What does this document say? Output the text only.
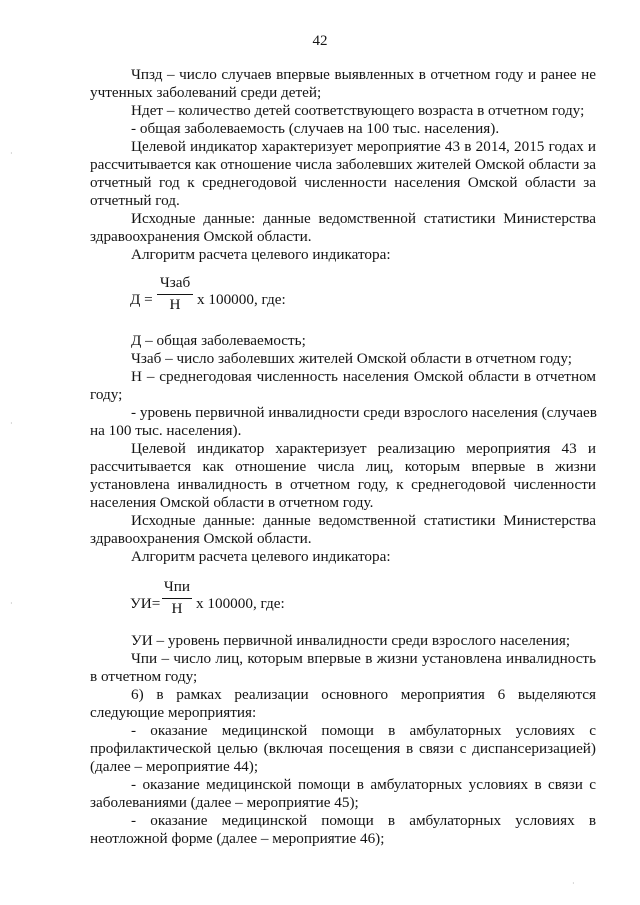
42
Чпзд – число случаев впервые выявленных в отчетном году и ранее не
учтенных заболеваний среди детей;
Ндет – количество детей соответствующего возраста в отчетном году;
- общая заболеваемость (случаев на 100 тыс. населения).
Целевой индикатор характеризует мероприятие 43 в 2014, 2015 годах и
рассчитывается как отношение числа заболевших жителей Омской области за
отчетный год к среднегодовой численности населения Омской области за
отчетный год.
Исходные данные: данные ведомственной статистики Министерства
здравоохранения Омской области.
Алгоритм расчета целевого индикатора:
Д =
Чзаб
Н	x 100000, где:
Д – общая заболеваемость;
Чзаб – число заболевших жителей Омской области в отчетном году;
Н – среднегодовая численность населения Омской области в отчетном
году;
- уровень первичной инвалидности среди взрослого населения (случаев
на 100 тыс. населения).
Целевой индикатор характеризует реализацию мероприятия 43 и
рассчитывается как отношение числа лиц, которым впервые в жизни
установлена инвалидность в отчетном году, к среднегодовой численности
населения Омской области в отчетном году.
Исходные данные: данные ведомственной статистики Министерства
здравоохранения Омской области.
Алгоритм расчета целевого индикатора:
УИ=
Чпи
Н x 100000, где:
УИ – уровень первичной инвалидности среди взрослого населения;
Чпи – число лиц, которым впервые в жизни установлена инвалидность
в отчетном году;
6) в рамках реализации основного мероприятия 6 выделяются
следующие мероприятия:
- оказание медицинской помощи в амбулаторных условиях с
профилактической целью (включая посещения в связи с диспансеризацией)
(далее – мероприятие 44);
- оказание медицинской помощи в амбулаторных условиях в связи с
заболеваниями (далее – мероприятие 45);
- оказание медицинской помощи в амбулаторных условиях в
неотложной форме (далее – мероприятие 46);
·
·
·
·
